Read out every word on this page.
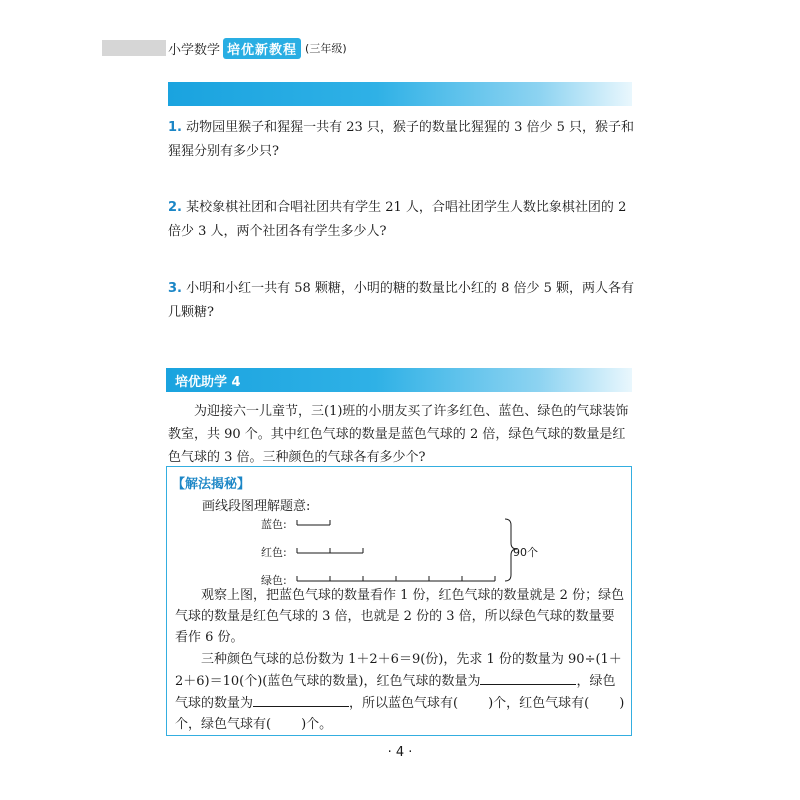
小学数学 培优新教程 (三年级)
1. 动物园里猴子和猩猩一共有 23 只，猴子的数量比猩猩的 3 倍少 5 只，猴子和猩猩分别有多少只?
2. 某校象棋社团和合唱社团共有学生 21 人，合唱社团学生人数比象棋社团的 2 倍少 3 人，两个社团各有学生多少人?
3. 小明和小红一共有 58 颗糖，小明的糖的数量比小红的 8 倍少 5 颗，两人各有几颗糖?
培优助学 4
为迎接六一儿童节，三(1)班的小朋友买了许多红色、蓝色、绿色的气球装饰教室，共 90 个。其中红色气球的数量是蓝色气球的 2 倍，绿色气球的数量是红色气球的 3 倍。三种颜色的气球各有多少个?
【解法揭秘】
画线段图理解题意:
蓝色:
红色:
绿色:
90个
观察上图，把蓝色气球的数量看作 1 份，红色气球的数量就是 2 份；绿色气球的数量是红色气球的 3 倍，也就是 2 份的 3 倍，所以绿色气球的数量要看作 6 份。
三种颜色气球的总份数为 1＋2＋6＝9(份)，先求 1 份的数量为 90÷(1＋2＋6)＝10(个)(蓝色气球的数量)，红色气球的数量为	，绿色气球的数量为	，所以蓝色气球有( )个，红色气球有( )个，绿色气球有( )个。
· 4 ·
